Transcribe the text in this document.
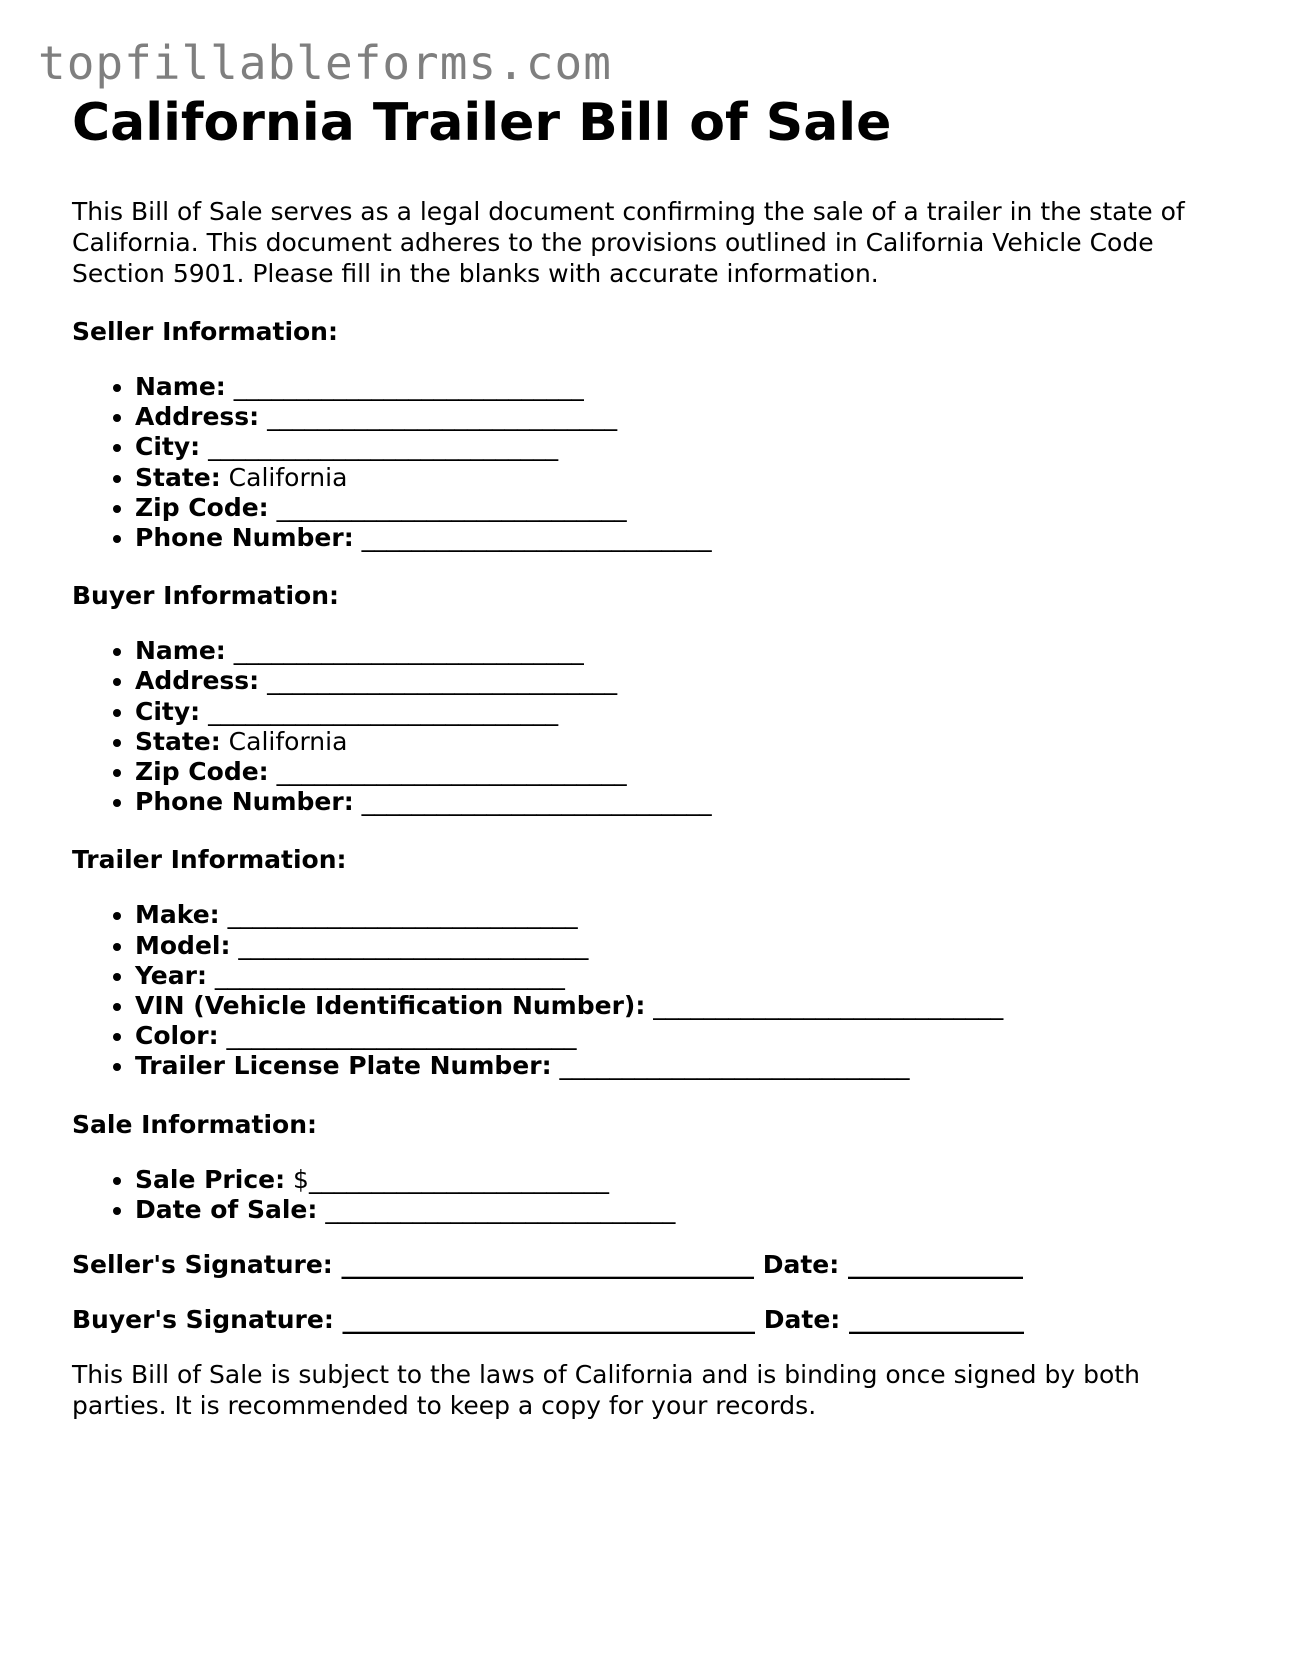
topfillableforms.com
California Trailer Bill of Sale

This Bill of Sale serves as a legal document confirming the sale of a trailer in the state of California. This document adheres to the provisions outlined in California Vehicle Code Section 5901. Please fill in the blanks with accurate information.

Seller Information:
• Name: ____________________________
• Address: ____________________________
• City: ____________________________
• State: California
• Zip Code: ____________________________
• Phone Number: ____________________________
Buyer Information:
• Name: ____________________________
• Address: ____________________________
• City: ____________________________
• State: California
• Zip Code: ____________________________
• Phone Number: ____________________________
Trailer Information:
• Make: ____________________________
• Model: ____________________________
• Year: ____________________________
• VIN (Vehicle Identification Number): ____________________________
• Color: ____________________________
• Trailer License Plate Number: ____________________________
Sale Information:
• Sale Price: $________________________
• Date of Sale: ____________________________
Seller's Signature: _________________________________ Date: ______________
Buyer's Signature: _________________________________ Date: ______________

This Bill of Sale is subject to the laws of California and is binding once signed by both parties. It is recommended to keep a copy for your records.
